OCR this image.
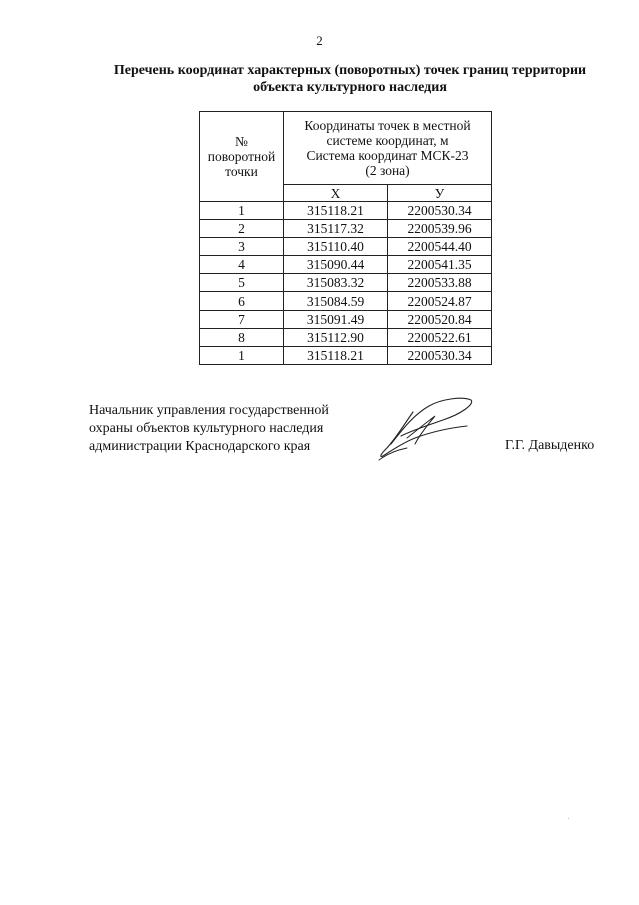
2
Перечень координат характерных (поворотных) точек границ территории
объекта культурного наследия
№
поворотной
точки	Координаты точек в местной
системе координат, м
Система координат МСК-23
(2 зона)	

	Х	У
1	315118.21	2200530.34
2	315117.32	2200539.96
3	315110.40	2200544.40
4	315090.44	2200541.35
5	315083.32	2200533.88
6	315084.59	2200524.87
7	315091.49	2200520.84
8	315112.90	2200522.61
1	315118.21	2200530.34
Начальник управления государственной
охраны объектов культурного наследия
администрации Краснодарского края	Г.Г. Давыденко
